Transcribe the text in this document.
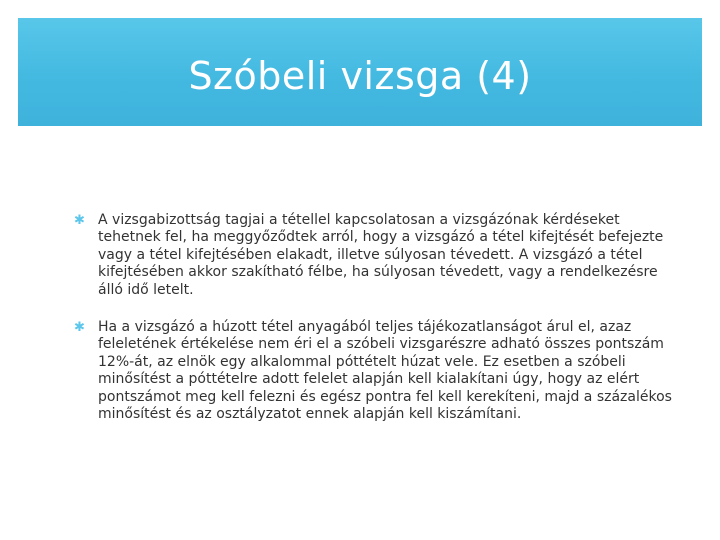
Szóbeli vizsga (4)
✱ A vizsgabizottság tagjai a tétellel kapcsolatosan a vizsgázónak kérdéseket tehetnek fel, ha meggyőződtek arról, hogy a vizsgázó a tétel kifejtését befejezte vagy a tétel kifejtésében elakadt, illetve súlyosan tévedett. A vizsgázó a tétel kifejtésében akkor szakítható félbe, ha súlyosan tévedett, vagy a rendelkezésre álló idő letelt.
✱ Ha a vizsgázó a húzott tétel anyagából teljes tájékozatlanságot árul el, azaz feleletének értékelése nem éri el a szóbeli vizsgarészre adható összes pontszám 12%-át, az elnök egy alkalommal póttételt húzat vele. Ez esetben a szóbeli minősítést a póttételre adott felelet alapján kell kialakítani úgy, hogy az elért pontszámot meg kell felezni és egész pontra fel kell kerekíteni, majd a százalékos minősítést és az osztályzatot ennek alapján kell kiszámítani.
